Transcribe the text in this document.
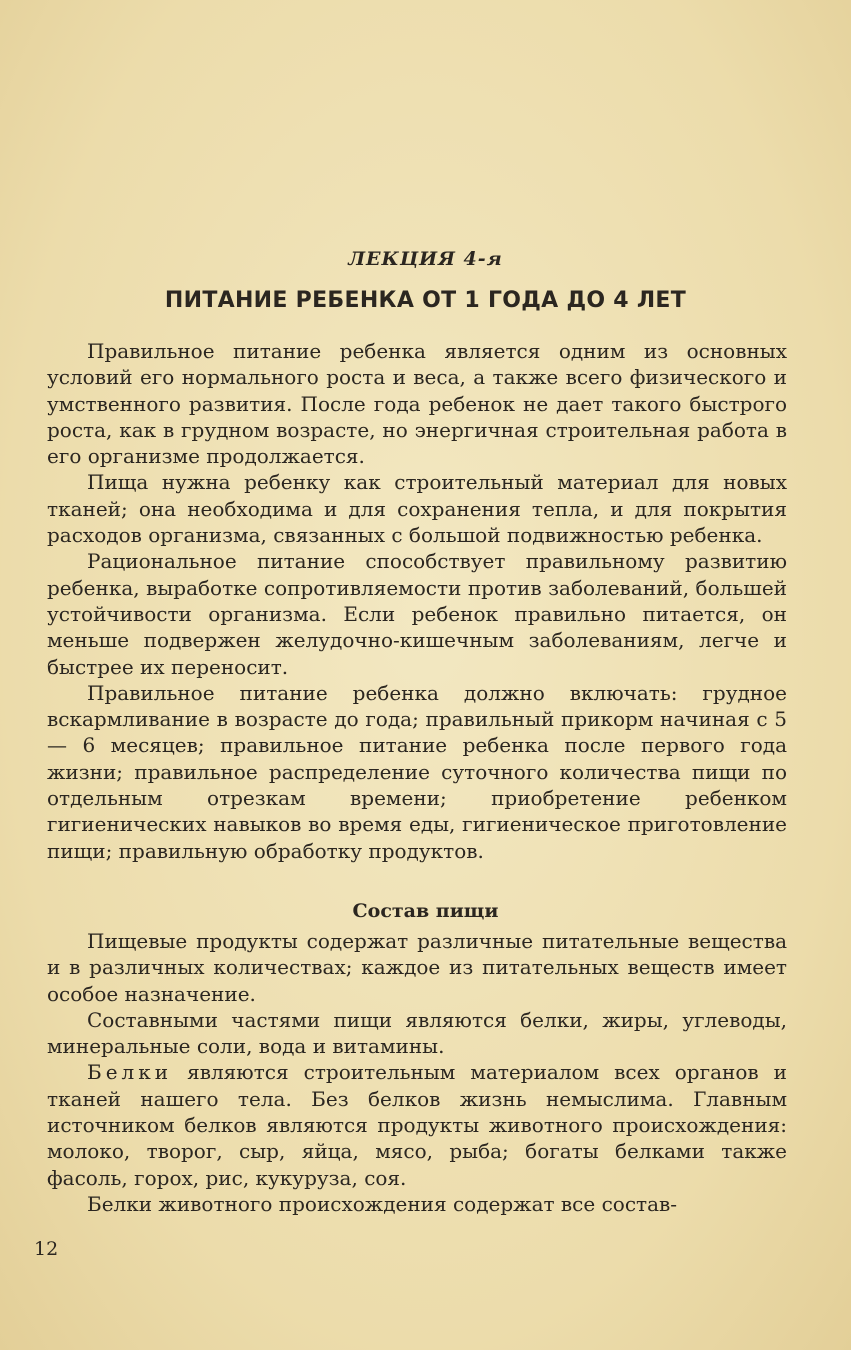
ЛЕКЦИЯ 4-я
ПИТАНИЕ РЕБЕНКА ОТ 1 ГОДА ДО 4 ЛЕТ

Правильное питание ребенка является одним из основных условий его нормального роста и веса, а также всего физического и умственного развития. После года ребенок не дает такого быстрого роста, как в грудном возрасте, но энергичная строительная работа в его организме продолжается.

Пища нужна ребенку как строительный материал для новых тканей; она необходима и для сохранения тепла, и для покрытия расходов организма, связанных с большой подвижностью ребенка.

Рациональное питание способствует правильному развитию ребенка, выработке сопротивляемости против заболеваний, большей устойчивости организма. Если ребенок правильно питается, он меньше подвержен желудочно-кишечным заболеваниям, легче и быстрее их переносит.

Правильное питание ребенка должно включать: грудное вскармливание в возрасте до года; правильный прикорм начиная с 5 — 6 месяцев; правильное питание ребенка после первого года жизни; правильное распределение суточного количества пищи по отдельным отрезкам времени; приобретение ребенком гигиенических навыков во время еды, гигиеническое приготовление пищи; правильную обработку продуктов.

Состав пищи

Пищевые продукты содержат различные питательные вещества и в различных количествах; каждое из питательных веществ имеет особое назначение.

Составными частями пищи являются белки, жиры, углеводы, минеральные соли, вода и витамины.

Белки являются строительным материалом всех органов и тканей нашего тела. Без белков жизнь немыслима. Главным источником белков являются продукты животного происхождения: молоко, творог, сыр, яйца, мясо, рыба; богаты белками также фасоль, горох, рис, кукуруза, соя.

Белки животного происхождения содержат все состав-

12
